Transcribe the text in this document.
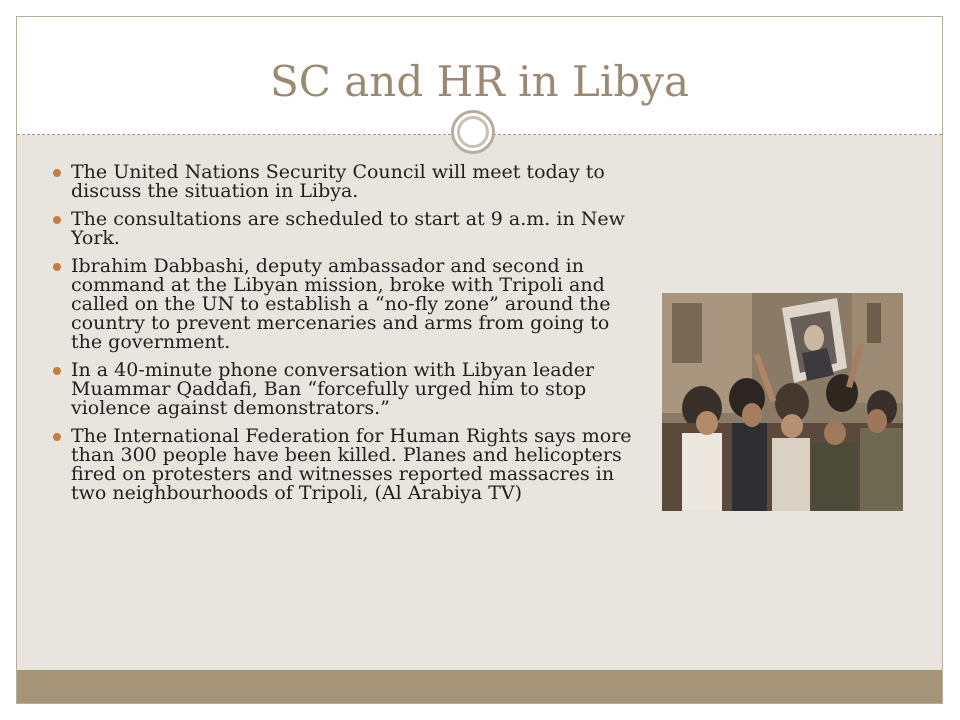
SC and HR in Libya
The United Nations Security Council will meet today to discuss the situation in Libya.
The consultations are scheduled to start at 9 a.m. in New York.
Ibrahim Dabbashi, deputy ambassador and second in command at the Libyan mission, broke with Tripoli and called on the UN to establish a “no-fly zone” around the country to prevent mercenaries and arms from going to the government.
In a 40-minute phone conversation with Libyan leader Muammar Qaddafi, Ban “forcefully urged him to stop violence against demonstrators.”
The International Federation for Human Rights says more than 300 people have been killed. Planes and helicopters fired on protesters and witnesses reported massacres in two neighbourhoods of Tripoli, (Al Arabiya TV)
